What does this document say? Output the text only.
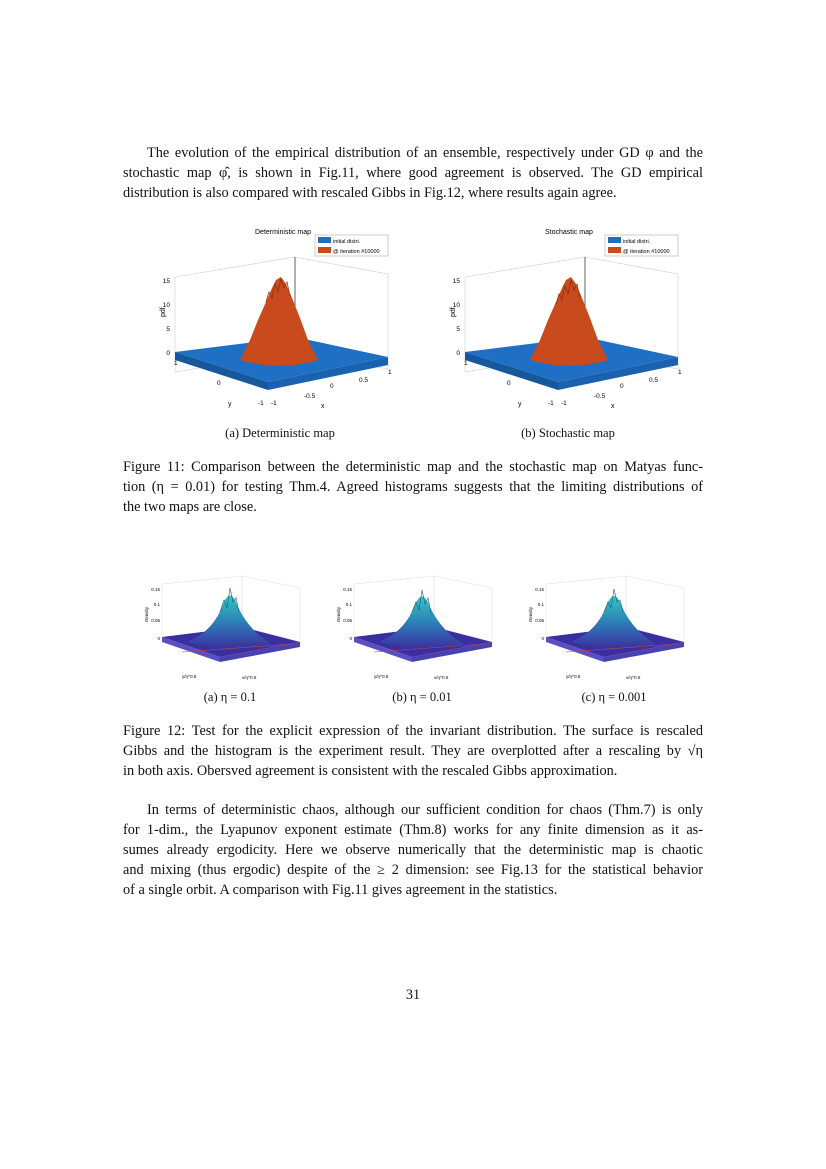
The evolution of the empirical distribution of an ensemble, respectively under GD φ and the
stochastic map φ̂, is shown in Fig.11, where good agreement is observed. The GD empirical
distribution is also compared with rescaled Gibbs in Fig.12, where results again agree.
Deterministic map
initial distri.
@ iteration #10000
0
5
10
15
pdf
1
0
-1
y	-1
-0.5
0
0.5
1
x
Stochastic map
initial distri.
@ iteration #10000
0
5
10
15
pdf
1
0
-1
y	-1
-0.5
0
0.5
1
x
(a) Deterministic map	(b) Stochastic map
Figure 11: Comparison between the deterministic map and the stochastic map on Matyas func-
tion (η = 0.01) for testing Thm.4. Agreed histograms suggests that the limiting distributions of
the two maps are close.
0
0.05
0.1
0.15
Density
y/η^0.5	x/η^0.5
0
0.05
0.1
0.15
Density
y/η^0.5	x/η^0.5
0
0.05
0.1
0.15
Density
y/η^0.5	x/η^0.5
(a) η = 0.1	(b) η = 0.01	(c) η = 0.001
Figure 12: Test for the explicit expression of the invariant distribution. The surface is rescaled
Gibbs and the histogram is the experiment result. They are overplotted after a rescaling by √η
in both axis. Obersved agreement is consistent with the rescaled Gibbs approximation.
In terms of deterministic chaos, although our sufficient condition for chaos (Thm.7) is only
for 1-dim., the Lyapunov exponent estimate (Thm.8) works for any finite dimension as it as-
sumes already ergodicity. Here we observe numerically that the deterministic map is chaotic
and mixing (thus ergodic) despite of the ≥ 2 dimension: see Fig.13 for the statistical behavior
of a single orbit. A comparison with Fig.11 gives agreement in the statistics.
31
